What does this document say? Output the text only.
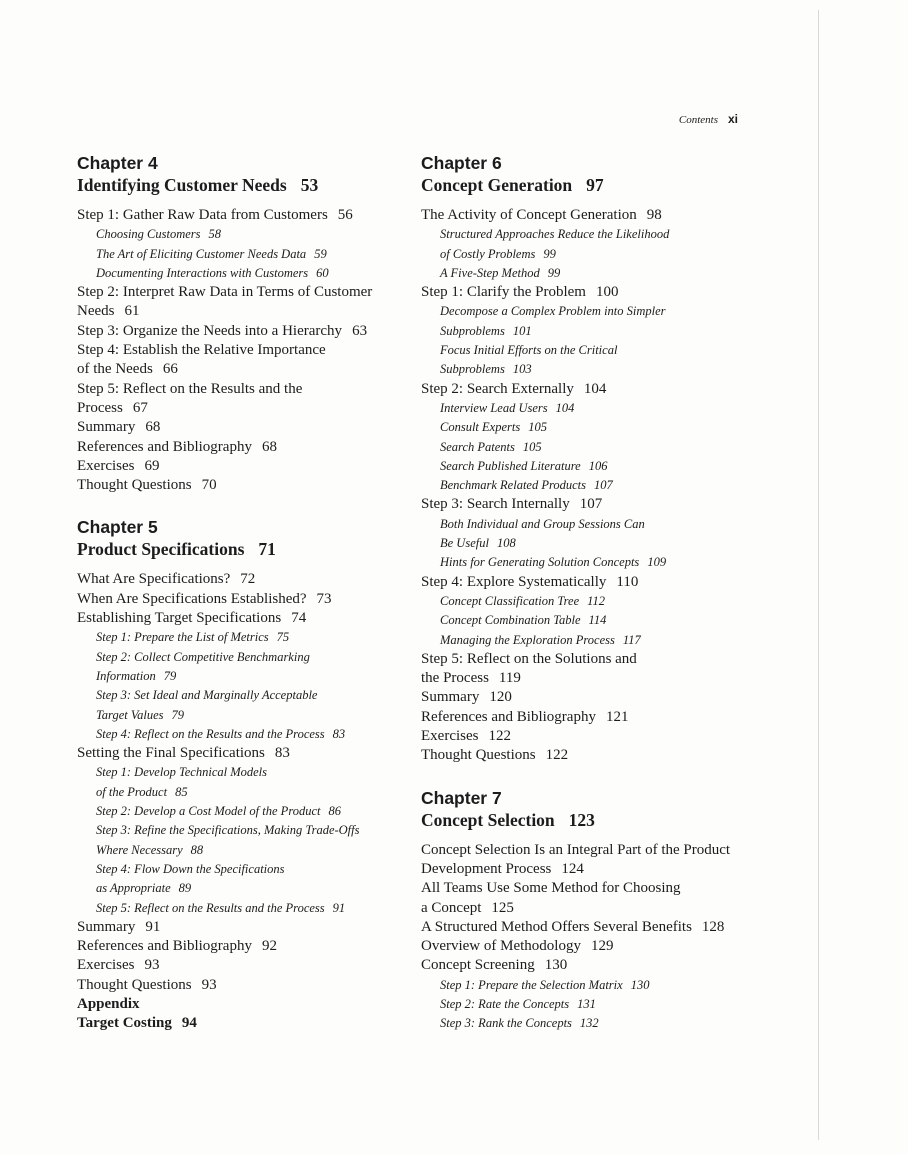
Contents xi
Chapter 4
Identifying Customer Needs 53
Step 1: Gather Raw Data from Customers 56
Choosing Customers 58
The Art of Eliciting Customer Needs Data 59
Documenting Interactions with Customers 60
Step 2: Interpret Raw Data in Terms of Customer
Needs 61
Step 3: Organize the Needs into a Hierarchy 63
Step 4: Establish the Relative Importance
of the Needs 66
Step 5: Reflect on the Results and the
Process 67
Summary 68
References and Bibliography 68
Exercises 69
Thought Questions 70
Chapter 5
Product Specifications 71
What Are Specifications? 72
When Are Specifications Established? 73
Establishing Target Specifications 74
Step 1: Prepare the List of Metrics 75
Step 2: Collect Competitive Benchmarking
Information 79
Step 3: Set Ideal and Marginally Acceptable
Target Values 79
Step 4: Reflect on the Results and the Process 83
Setting the Final Specifications 83
Step 1: Develop Technical Models
of the Product 85
Step 2: Develop a Cost Model of the Product 86
Step 3: Refine the Specifications, Making Trade-Offs
Where Necessary 88
Step 4: Flow Down the Specifications
as Appropriate 89
Step 5: Reflect on the Results and the Process 91
Summary 91
References and Bibliography 92
Exercises 93
Thought Questions 93
Appendix
Target Costing 94
Chapter 6
Concept Generation 97
The Activity of Concept Generation 98
Structured Approaches Reduce the Likelihood
of Costly Problems 99
A Five-Step Method 99
Step 1: Clarify the Problem 100
Decompose a Complex Problem into Simpler
Subproblems 101
Focus Initial Efforts on the Critical
Subproblems 103
Step 2: Search Externally 104
Interview Lead Users 104
Consult Experts 105
Search Patents 105
Search Published Literature 106
Benchmark Related Products 107
Step 3: Search Internally 107
Both Individual and Group Sessions Can
Be Useful 108
Hints for Generating Solution Concepts 109
Step 4: Explore Systematically 110
Concept Classification Tree 112
Concept Combination Table 114
Managing the Exploration Process 117
Step 5: Reflect on the Solutions and
the Process 119
Summary 120
References and Bibliography 121
Exercises 122
Thought Questions 122
Chapter 7
Concept Selection 123
Concept Selection Is an Integral Part of the Product
Development Process 124
All Teams Use Some Method for Choosing
a Concept 125
A Structured Method Offers Several Benefits 128
Overview of Methodology 129
Concept Screening 130
Step 1: Prepare the Selection Matrix 130
Step 2: Rate the Concepts 131
Step 3: Rank the Concepts 132
